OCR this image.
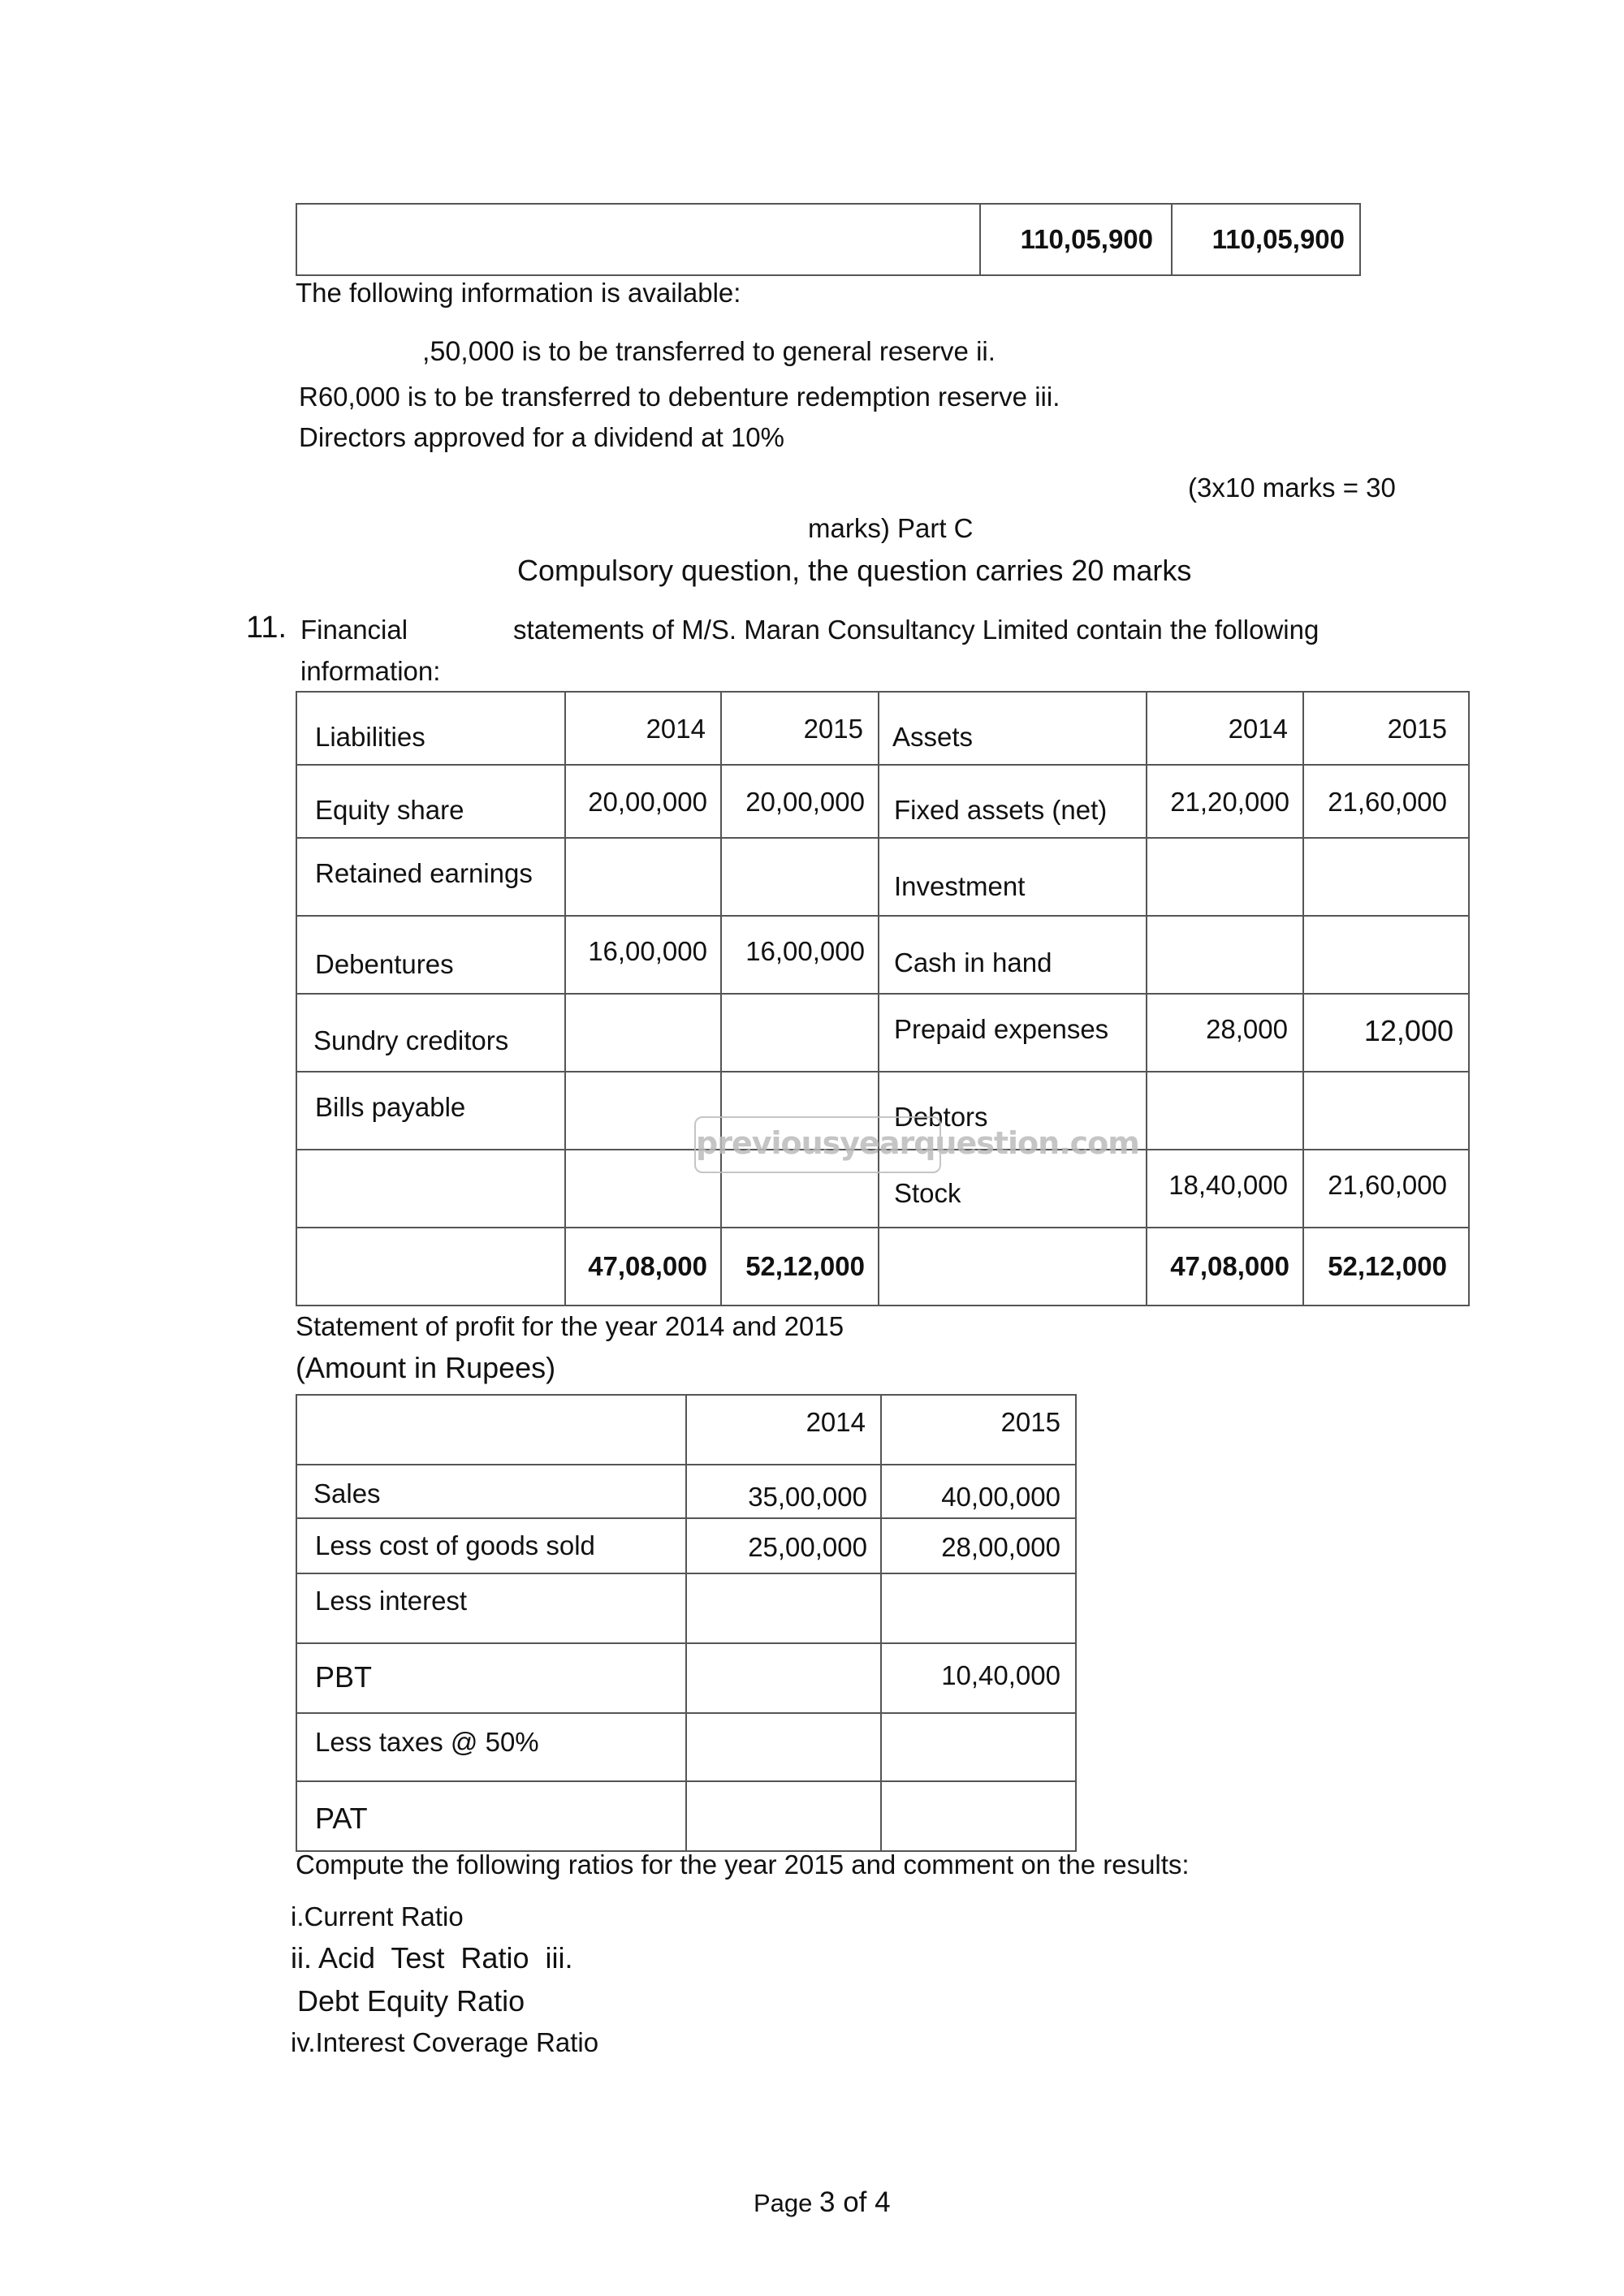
110,05,900	110,05,900
The following information is available:
,50,000 is to be transferred to general reserve ii.
R60,000 is to be transferred to debenture redemption reserve iii.
Directors approved for a dividend at 10%
(3x10 marks = 30
marks) Part C
Compulsory question, the question carries 20 marks
11. Financial	statements of M/S. Maran Consultancy Limited contain the following
information:
Liabilities	2014	2015	Assets	2014	2015

Equity share	20,00,000	20,00,000	Fixed assets (net)	21,20,000	21,60,000

Retained earnings			Investment		

Debentures	16,00,000	16,00,000	Cash in hand		

Sundry creditors			Prepaid expenses	28,000	12,000

Bills payable			Debtors		

			Stock	18,40,000	21,60,000

	47,08,000	52,12,000		47,08,000	52,12,000
previousyearquestion.com
Statement of profit for the year 2014 and 2015
(Amount in Rupees)

	2014	2015

Sales	35,00,000	40,00,000

Less cost of goods sold	25,00,000	28,00,000

Less interest		

PBT		10,40,000

Less taxes @ 50%		

PAT		

Compute the following ratios for the year 2015 and comment on the results:
i.Current Ratio
ii. Acid  Test  Ratio  iii.
Debt Equity Ratio
iv.Interest Coverage Ratio
Page 3 of 4
